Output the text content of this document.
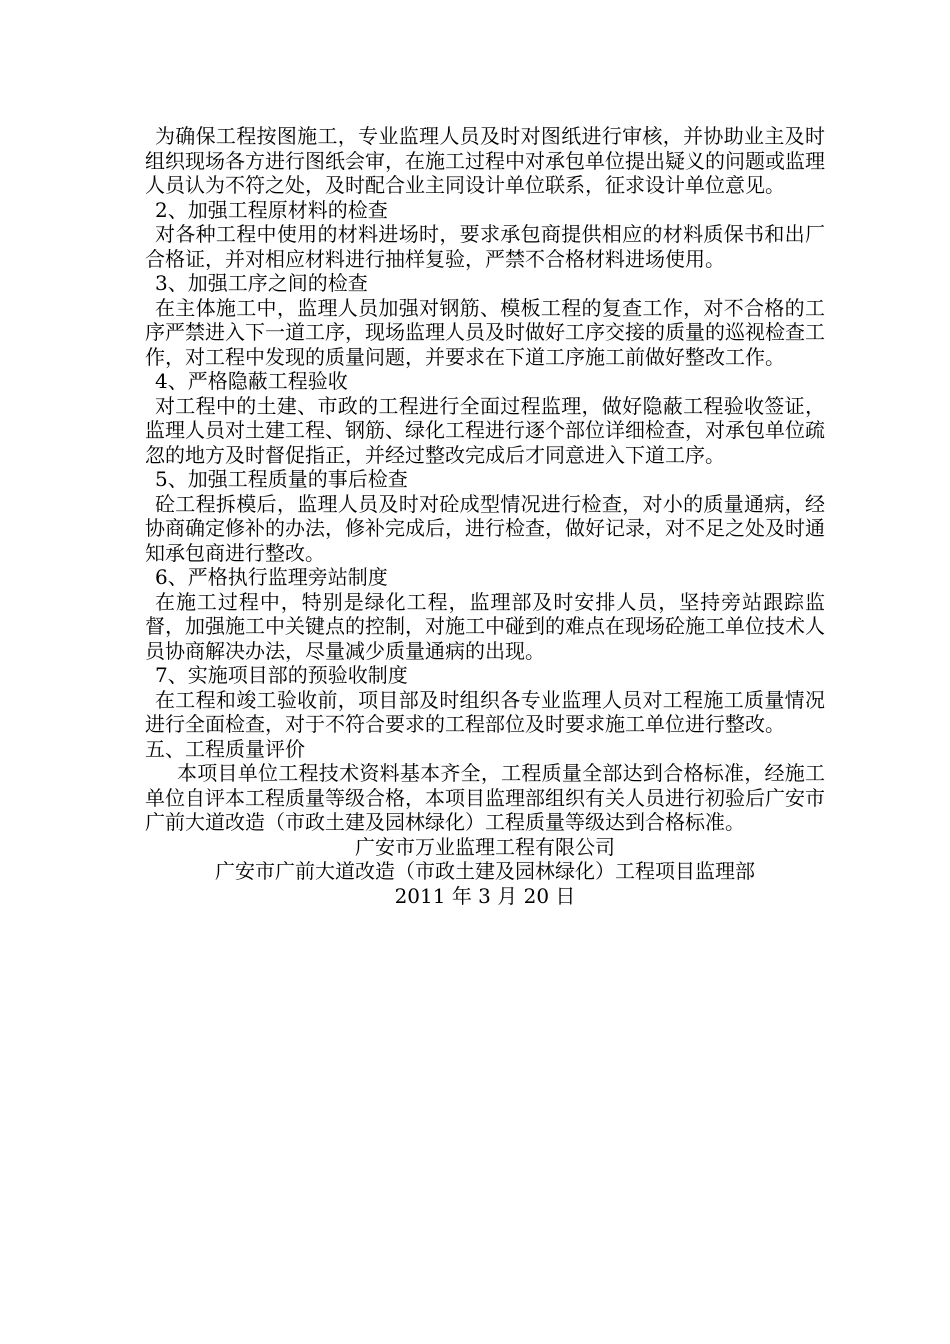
为确保工程按图施工，专业监理人员及时对图纸进行审核，并协助业主及时组织现场各方进行图纸会审，在施工过程中对承包单位提出疑义的问题或监理人员认为不符之处，及时配合业主同设计单位联系，征求设计单位意见。

2、加强工程原材料的检查

对各种工程中使用的材料进场时，要求承包商提供相应的材料质保书和出厂合格证，并对相应材料进行抽样复验，严禁不合格材料进场使用。

3、加强工序之间的检查

在主体施工中，监理人员加强对钢筋、模板工程的复查工作，对不合格的工序严禁进入下一道工序，现场监理人员及时做好工序交接的质量的巡视检查工作，对工程中发现的质量问题，并要求在下道工序施工前做好整改工作。

4、严格隐蔽工程验收

对工程中的土建、市政的工程进行全面过程监理，做好隐蔽工程验收签证，监理人员对土建工程、钢筋、绿化工程进行逐个部位详细检查，对承包单位疏忽的地方及时督促指正，并经过整改完成后才同意进入下道工序。

5、加强工程质量的事后检查

砼工程拆模后，监理人员及时对砼成型情况进行检查，对小的质量通病，经协商确定修补的办法，修补完成后，进行检查，做好记录，对不足之处及时通知承包商进行整改。

6、严格执行监理旁站制度

在施工过程中，特别是绿化工程，监理部及时安排人员，坚持旁站跟踪监督，加强施工中关键点的控制，对施工中碰到的难点在现场砼施工单位技术人员协商解决办法，尽量减少质量通病的出现。

7、实施项目部的预验收制度

在工程和竣工验收前，项目部及时组织各专业监理人员对工程施工质量情况进行全面检查，对于不符合要求的工程部位及时要求施工单位进行整改。

五、工程质量评价

本项目单位工程技术资料基本齐全，工程质量全部达到合格标准，经施工单位自评本工程质量等级合格，本项目监理部组织有关人员进行初验后广安市广前大道改造（市政土建及园林绿化）工程质量等级达到合格标准。

广安市万业监理工程有限公司

广安市广前大道改造（市政土建及园林绿化）工程项目监理部

2011 年 3 月 20 日
